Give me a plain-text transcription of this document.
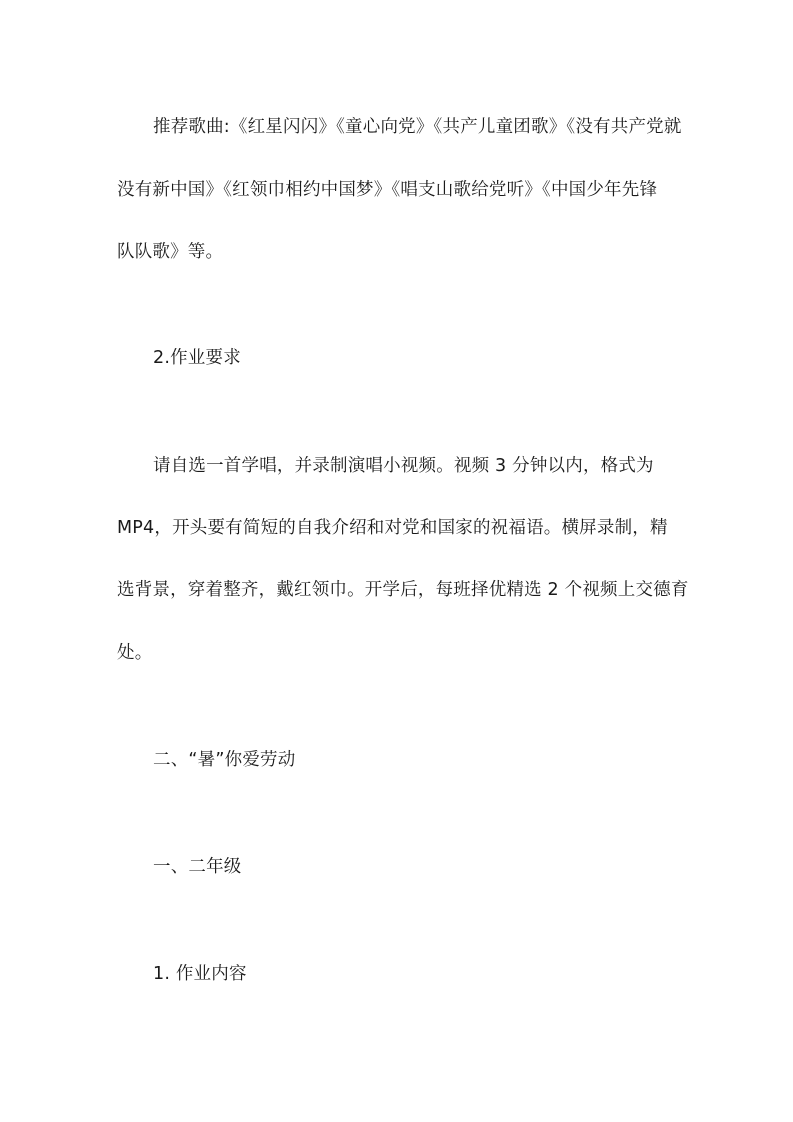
推荐歌曲:《红星闪闪》《童心向党》《共产儿童团歌》《没有共产党就
没有新中国》《红领巾相约中国梦》《唱支山歌给党听》《中国少年先锋
队队歌》等。
2.作业要求
请自选一首学唱，并录制演唱小视频。视频 3 分钟以内，格式为
MP4，开头要有简短的自我介绍和对党和国家的祝福语。横屏录制，精
选背景，穿着整齐，戴红领巾。开学后，每班择优精选 2 个视频上交德育
处。
二、“暑”你爱劳动
一、二年级
1. 作业内容
